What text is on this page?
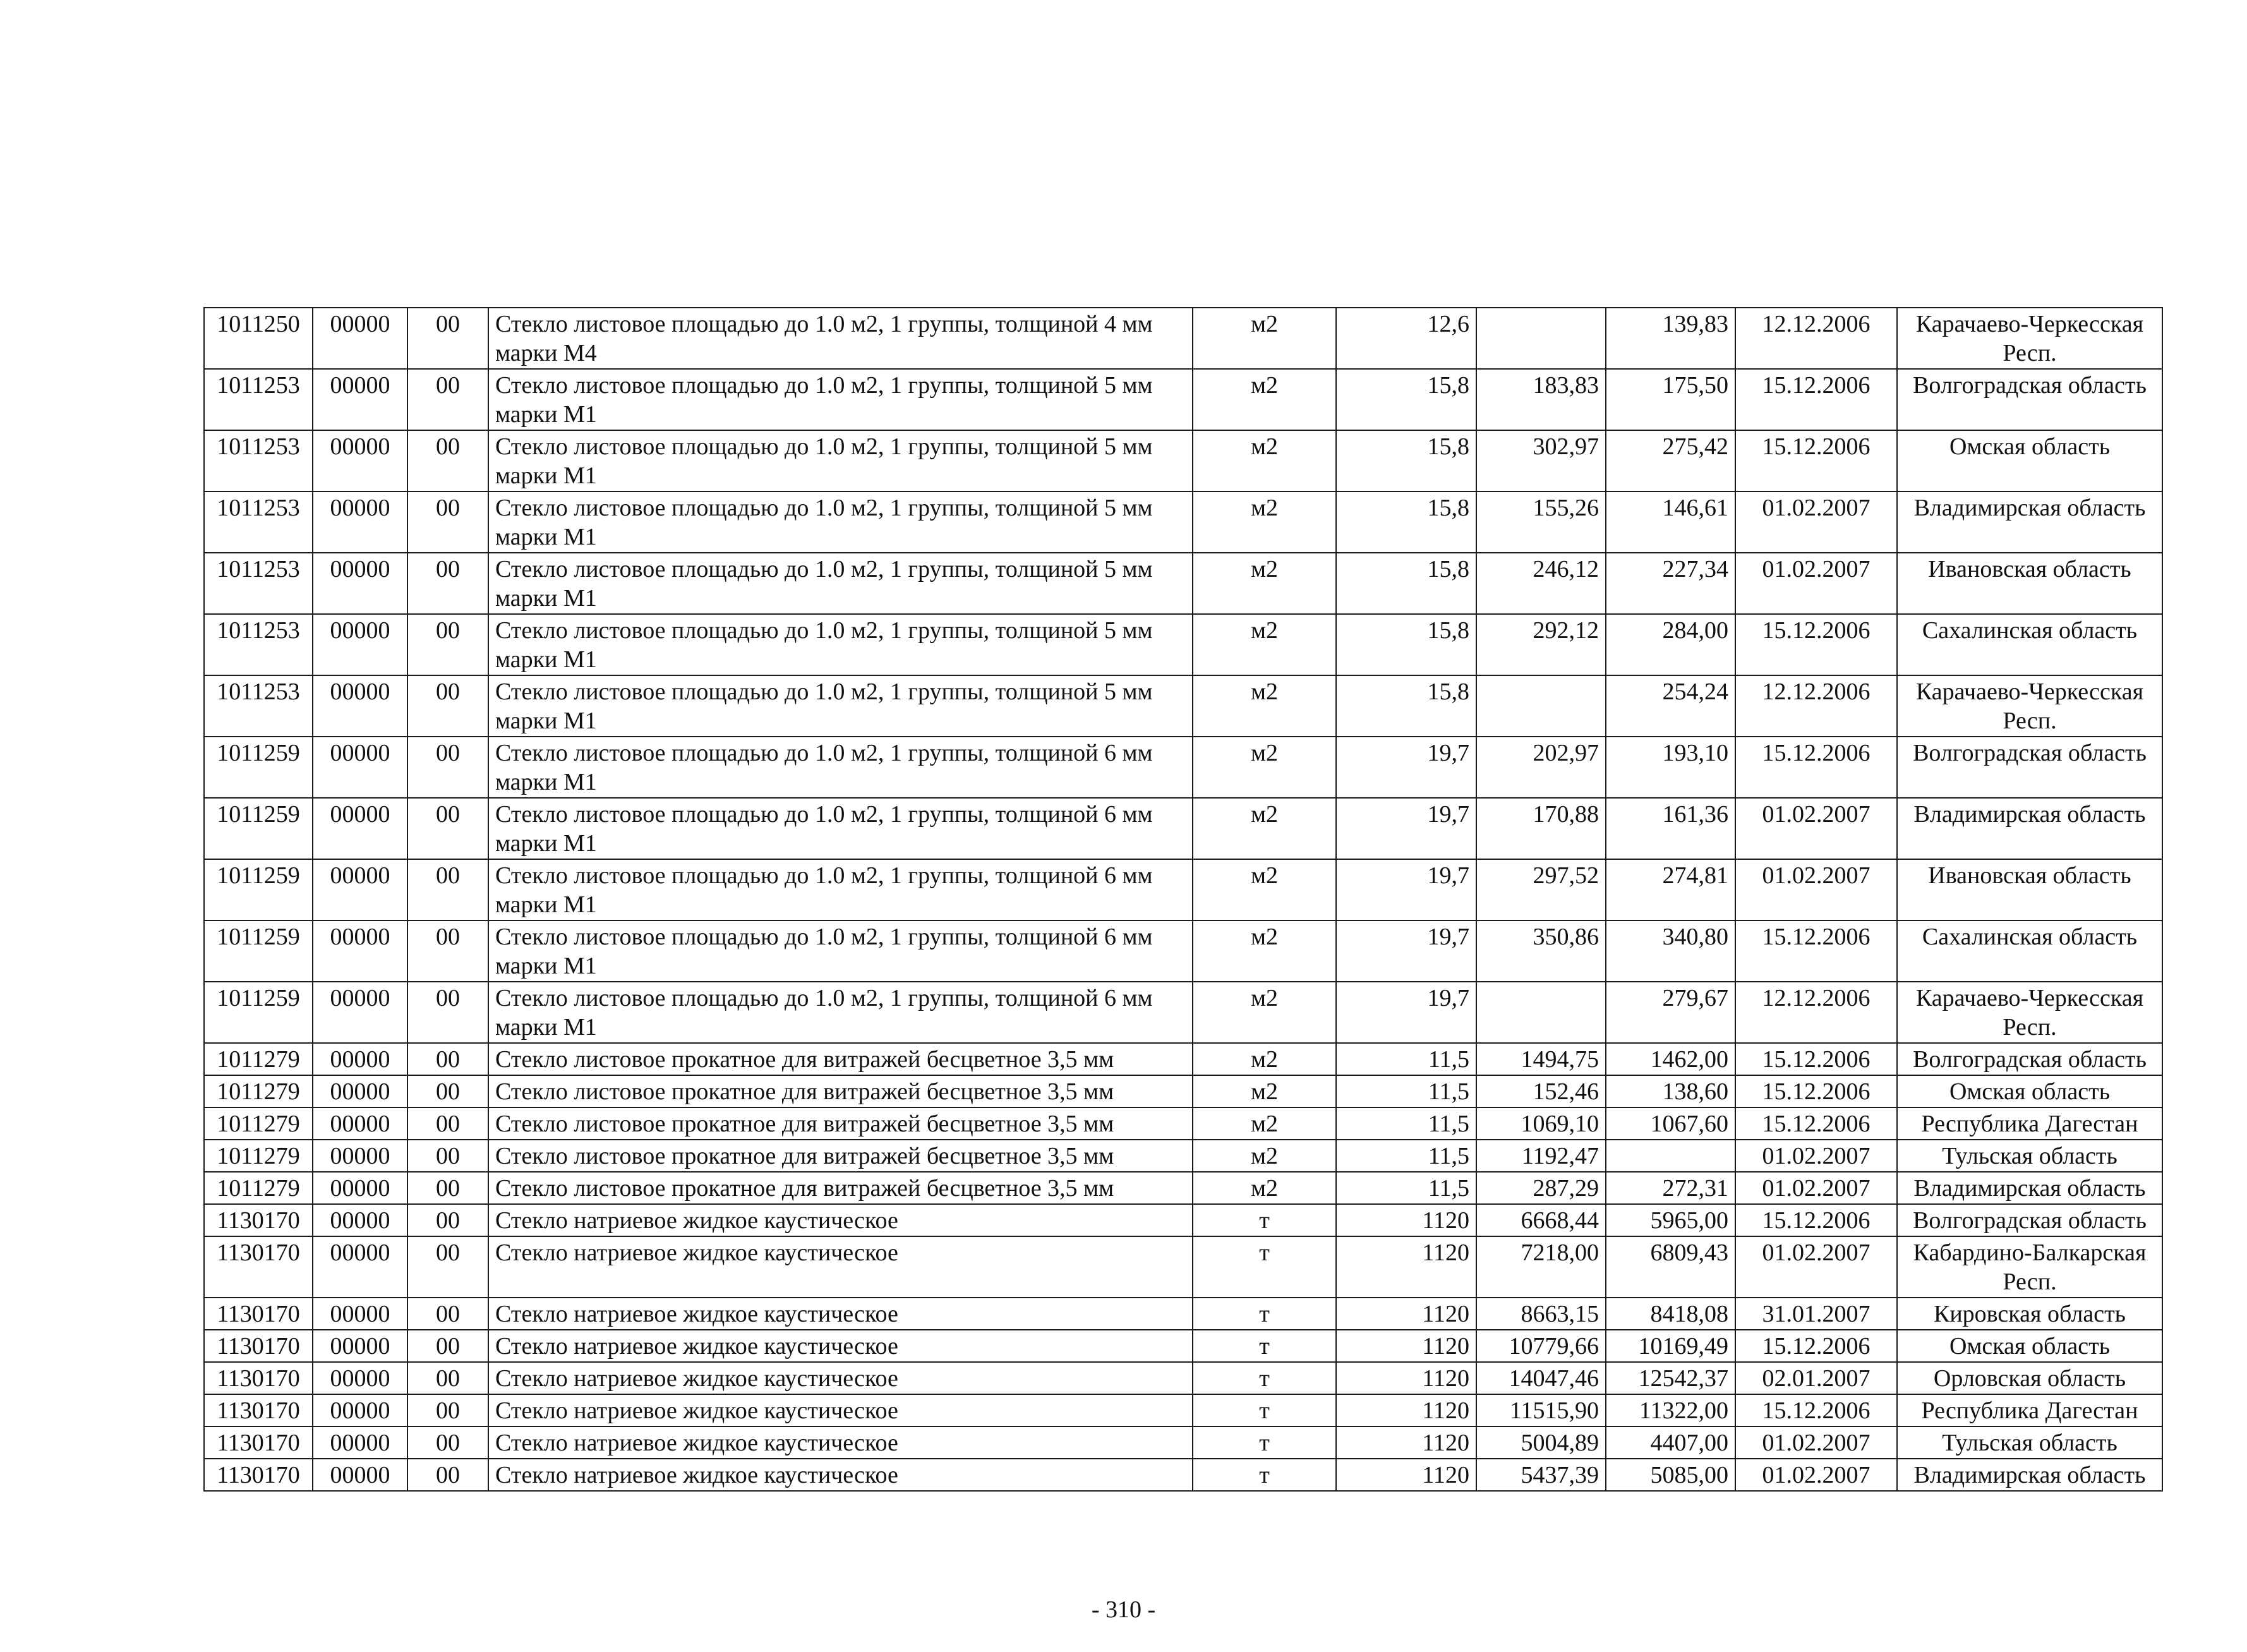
1011250	00000	00	Стекло листовое площадью до 1.0 м2, 1 группы, толщиной 4 мм марки М4	м2	12,6		139,83	12.12.2006	Карачаево-Черкесская Респ.
1011253	00000	00	Стекло листовое площадью до 1.0 м2, 1 группы, толщиной 5 мм марки М1	м2	15,8	183,83	175,50	15.12.2006	Волгоградская область
1011253	00000	00	Стекло листовое площадью до 1.0 м2, 1 группы, толщиной 5 мм марки М1	м2	15,8	302,97	275,42	15.12.2006	Омская область
1011253	00000	00	Стекло листовое площадью до 1.0 м2, 1 группы, толщиной 5 мм марки М1	м2	15,8	155,26	146,61	01.02.2007	Владимирская область
1011253	00000	00	Стекло листовое площадью до 1.0 м2, 1 группы, толщиной 5 мм марки М1	м2	15,8	246,12	227,34	01.02.2007	Ивановская область
1011253	00000	00	Стекло листовое площадью до 1.0 м2, 1 группы, толщиной 5 мм марки М1	м2	15,8	292,12	284,00	15.12.2006	Сахалинская область
1011253	00000	00	Стекло листовое площадью до 1.0 м2, 1 группы, толщиной 5 мм марки М1	м2	15,8		254,24	12.12.2006	Карачаево-Черкесская Респ.
1011259	00000	00	Стекло листовое площадью до 1.0 м2, 1 группы, толщиной 6 мм марки М1	м2	19,7	202,97	193,10	15.12.2006	Волгоградская область
1011259	00000	00	Стекло листовое площадью до 1.0 м2, 1 группы, толщиной 6 мм марки М1	м2	19,7	170,88	161,36	01.02.2007	Владимирская область
1011259	00000	00	Стекло листовое площадью до 1.0 м2, 1 группы, толщиной 6 мм марки М1	м2	19,7	297,52	274,81	01.02.2007	Ивановская область
1011259	00000	00	Стекло листовое площадью до 1.0 м2, 1 группы, толщиной 6 мм марки М1	м2	19,7	350,86	340,80	15.12.2006	Сахалинская область
1011259	00000	00	Стекло листовое площадью до 1.0 м2, 1 группы, толщиной 6 мм марки М1	м2	19,7		279,67	12.12.2006	Карачаево-Черкесская Респ.
1011279	00000	00	Стекло листовое прокатное для витражей бесцветное 3,5 мм	м2	11,5	1494,75	1462,00	15.12.2006	Волгоградская область
1011279	00000	00	Стекло листовое прокатное для витражей бесцветное 3,5 мм	м2	11,5	152,46	138,60	15.12.2006	Омская область
1011279	00000	00	Стекло листовое прокатное для витражей бесцветное 3,5 мм	м2	11,5	1069,10	1067,60	15.12.2006	Республика Дагестан
1011279	00000	00	Стекло листовое прокатное для витражей бесцветное 3,5 мм	м2	11,5	1192,47		01.02.2007	Тульская область
1011279	00000	00	Стекло листовое прокатное для витражей бесцветное 3,5 мм	м2	11,5	287,29	272,31	01.02.2007	Владимирская область
1130170	00000	00	Стекло натриевое жидкое каустическое	т	1120	6668,44	5965,00	15.12.2006	Волгоградская область
1130170	00000	00	Стекло натриевое жидкое каустическое	т	1120	7218,00	6809,43	01.02.2007	Кабардино-Балкарская Респ.
1130170	00000	00	Стекло натриевое жидкое каустическое	т	1120	8663,15	8418,08	31.01.2007	Кировская область
1130170	00000	00	Стекло натриевое жидкое каустическое	т	1120	10779,66	10169,49	15.12.2006	Омская область
1130170	00000	00	Стекло натриевое жидкое каустическое	т	1120	14047,46	12542,37	02.01.2007	Орловская область
1130170	00000	00	Стекло натриевое жидкое каустическое	т	1120	11515,90	11322,00	15.12.2006	Республика Дагестан
1130170	00000	00	Стекло натриевое жидкое каустическое	т	1120	5004,89	4407,00	01.02.2007	Тульская область
1130170	00000	00	Стекло натриевое жидкое каустическое	т	1120	5437,39	5085,00	01.02.2007	Владимирская область
- 310 -
